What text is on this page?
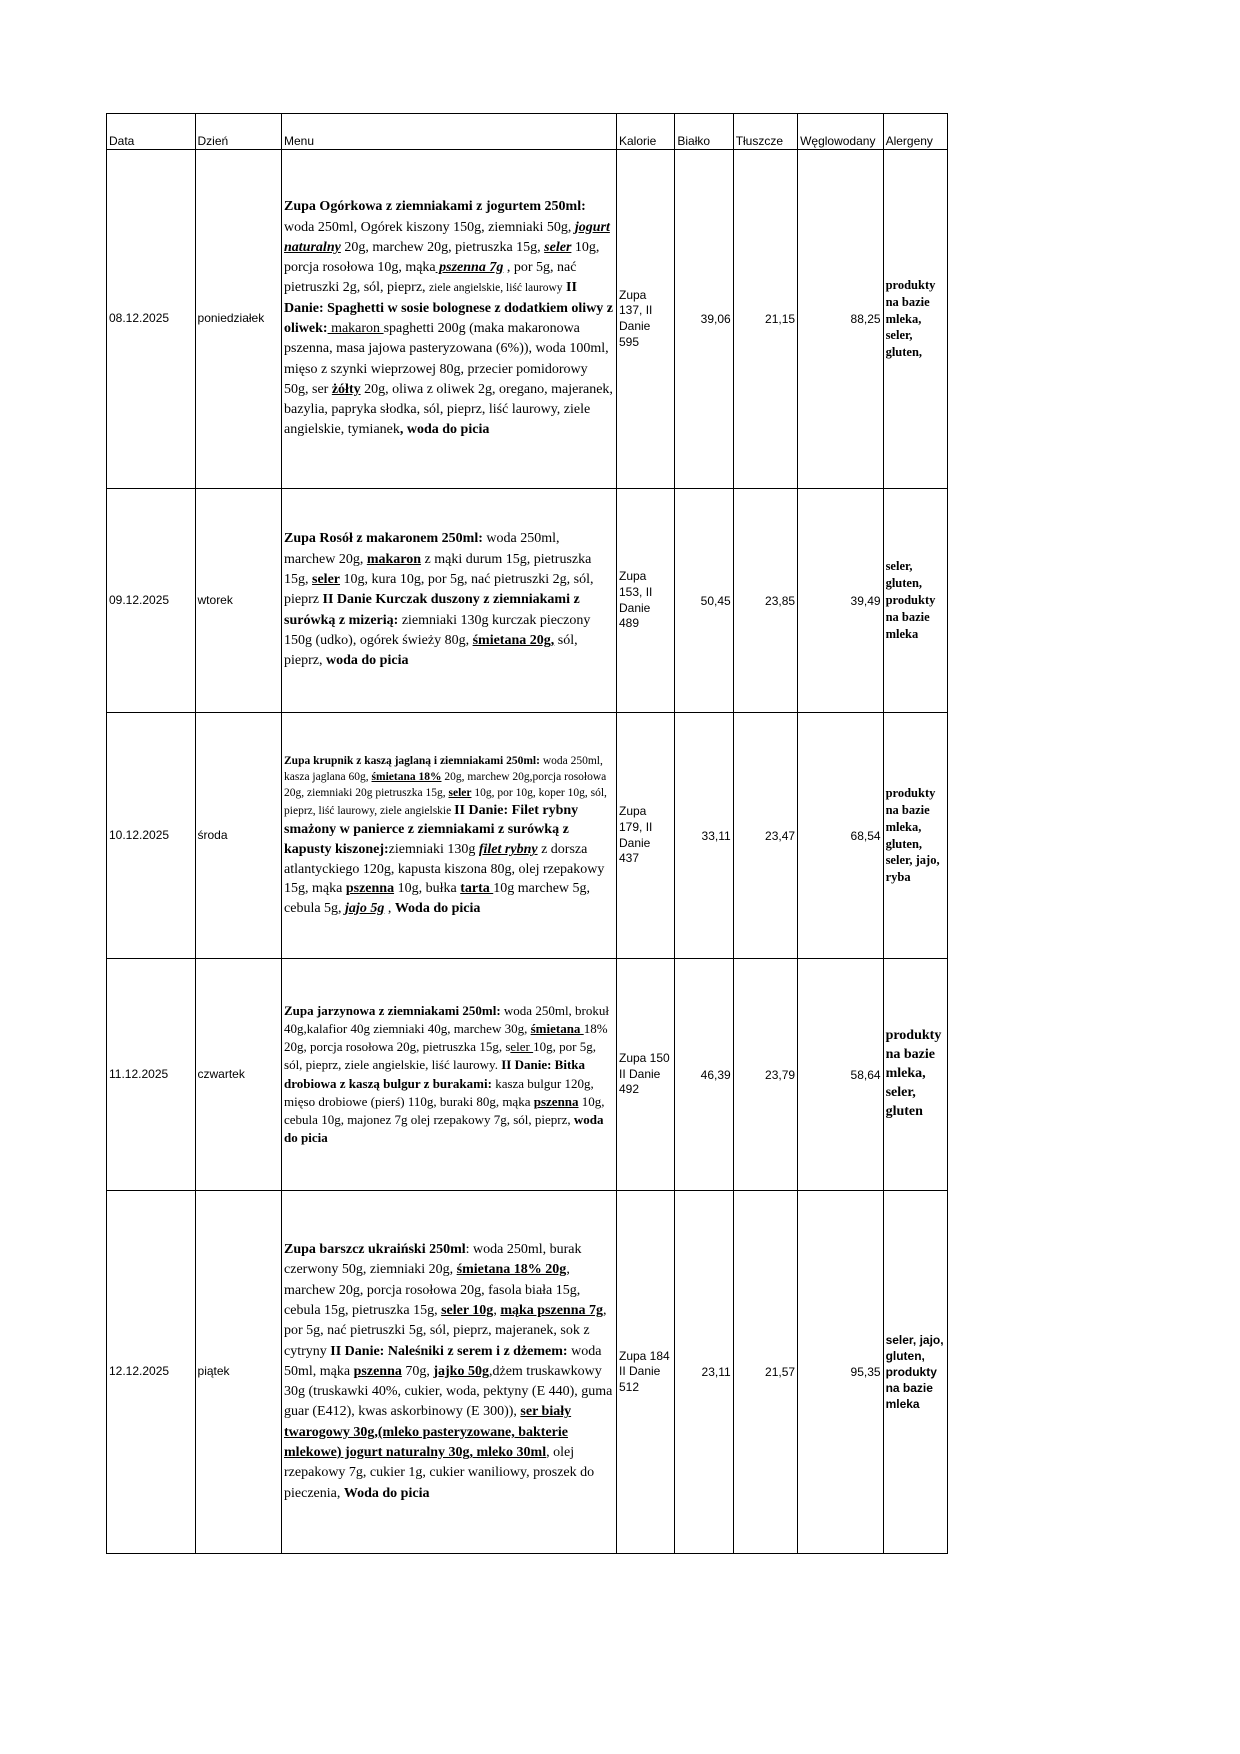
Data	Dzień	Menu	Kalorie	Białko	Tłuszcze	Węglowodany	Alergeny
08.12.2025	poniedziałek	Zupa Ogórkowa z ziemniakami z jogurtem 250ml: woda 250ml, Ogórek kiszony 150g, ziemniaki 50g, jogurt naturalny 20g, marchew 20g, pietruszka 15g, seler 10g, porcja rosołowa 10g, mąka pszenna 7g , por 5g, nać pietruszki 2g, sól, pieprz, ziele angielskie, liść laurowy II Danie: Spaghetti w sosie bolognese z dodatkiem oliwy z oliwek: makaron spaghetti 200g (maka makaronowa pszenna, masa jajowa pasteryzowana (6%)), woda 100ml, mięso z szynki wieprzowej 80g, przecier pomidorowy 50g, ser żółty 20g, oliwa z oliwek 2g, oregano, majeranek, bazylia, papryka słodka, sól, pieprz, liść laurowy, ziele angielskie, tymianek, woda do picia	Zupa 137, II Danie 595	39,06	21,15	88,25	produkty na bazie mleka, seler, gluten,
09.12.2025	wtorek	Zupa Rosół z makaronem 250ml: woda 250ml, marchew 20g, makaron z mąki durum 15g, pietruszka 15g, seler 10g, kura 10g, por 5g, nać pietruszki 2g, sól, pieprz II Danie Kurczak duszony z ziemniakami z surówką z mizerią: ziemniaki 130g kurczak pieczony 150g (udko), ogórek świeży 80g, śmietana 20g, sól, pieprz, woda do picia	Zupa 153, II Danie 489	50,45	23,85	39,49	seler, gluten, produkty na bazie mleka
10.12.2025	środa	Zupa krupnik z kaszą jaglaną i ziemniakami 250ml: woda 250ml, kasza jaglana 60g, śmietana 18% 20g, marchew 20g,porcja rosołowa 20g, ziemniaki 20g pietruszka 15g, seler 10g, por 10g, koper 10g, sól, pieprz, liść laurowy, ziele angielskie II Danie: Filet rybny smażony w panierce z ziemniakami z surówką z kapusty kiszonej:ziemniaki 130g filet rybny z dorsza atlantyckiego 120g, kapusta kiszona 80g, olej rzepakowy 15g, mąka pszenna 10g, bułka tarta 10g marchew 5g, cebula 5g, jajo 5g , Woda do picia	Zupa 179, II Danie 437	33,11	23,47	68,54	produkty na bazie mleka, gluten, seler, jajo, ryba
11.12.2025	czwartek	Zupa jarzynowa z ziemniakami 250ml: woda 250ml, brokuł 40g,kalafior 40g ziemniaki 40g, marchew 30g, śmietana 18% 20g, porcja rosołowa 20g, pietruszka 15g, seler 10g, por 5g, sól, pieprz, ziele angielskie, liść laurowy. II Danie: Bitka drobiowa z kaszą bulgur z burakami: kasza bulgur 120g, mięso drobiowe (pierś) 110g, buraki 80g, mąka pszenna 10g, cebula 10g, majonez 7g olej rzepakowy 7g, sól, pieprz, woda do picia	Zupa 150 II Danie 492	46,39	23,79	58,64	produkty na bazie mleka, seler, gluten
12.12.2025	piątek	Zupa barszcz ukraiński 250ml: woda 250ml, burak czerwony 50g, ziemniaki 20g, śmietana 18% 20g, marchew 20g, porcja rosołowa 20g, fasola biała 15g, cebula 15g, pietruszka 15g, seler 10g, mąka pszenna 7g, por 5g, nać pietruszki 5g, sól, pieprz, majeranek, sok z cytryny II Danie: Naleśniki z serem i z dżemem: woda 50ml, mąka pszenna 70g, jajko 50g,dżem truskawkowy 30g (truskawki 40%, cukier, woda, pektyny (E 440), guma guar (E412), kwas askorbinowy (E 300)), ser biały twarogowy 30g,(mleko pasteryzowane, bakterie mlekowe) jogurt naturalny 30g, mleko 30ml, olej rzepakowy 7g, cukier 1g, cukier waniliowy, proszek do pieczenia, Woda do picia	Zupa 184 II Danie 512	23,11	21,57	95,35	seler, jajo, gluten, produkty na bazie mleka
